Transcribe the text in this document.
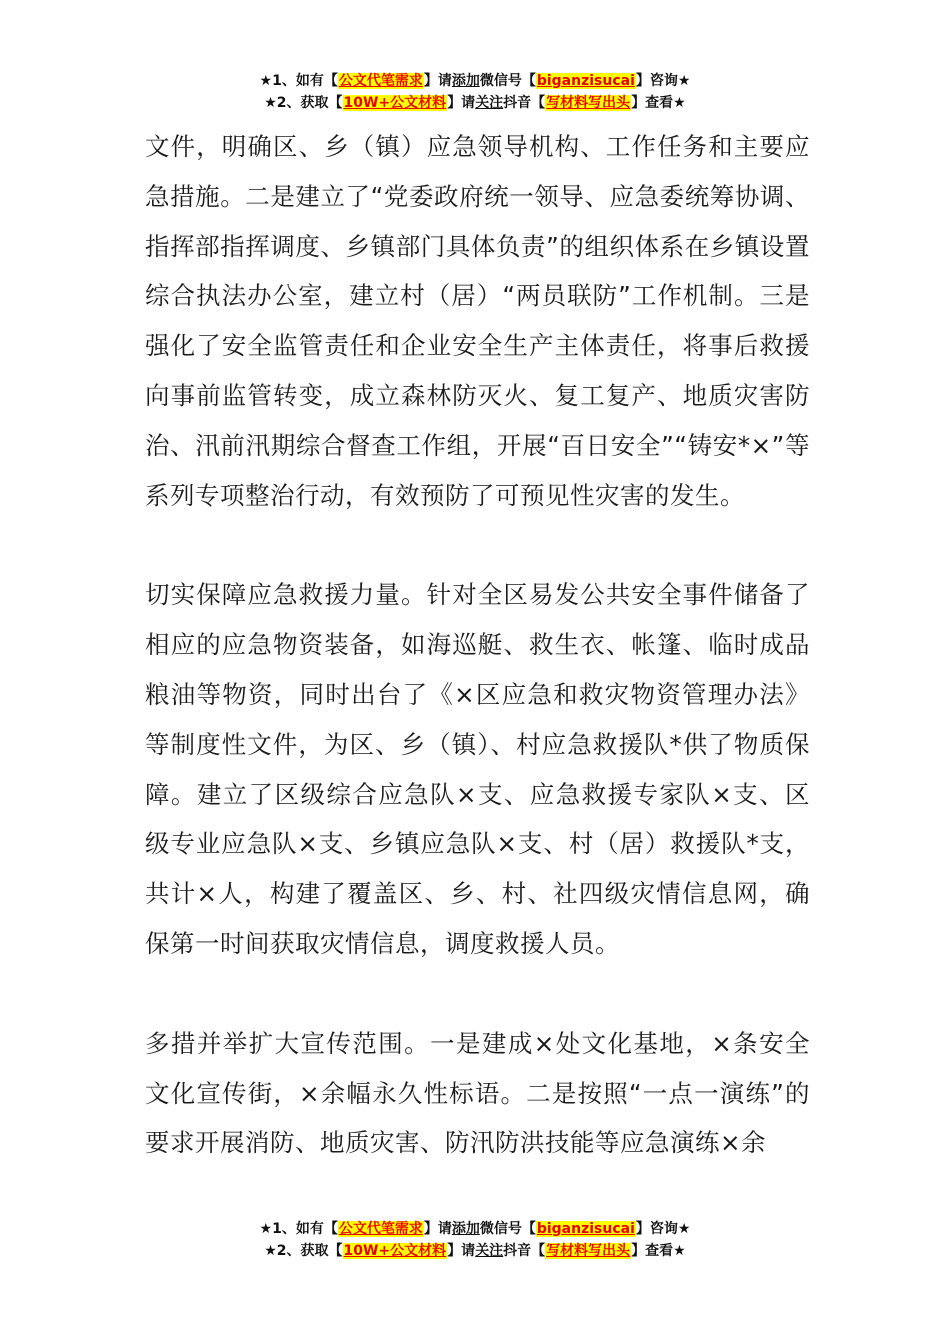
★1、如有【公文代笔需求】请添加微信号【biganzisucai】咨询★
★2、获取【10W+公文材料】请关注抖音【写材料写出头】查看★

文件，明确区、乡（镇）应急领导机构、工作任务和主要应急措施。二是建立了“党委政府统一领导、应急委统筹协调、指挥部指挥调度、乡镇部门具体负责”的组织体系在乡镇设置综合执法办公室，建立村（居）“两员联防”工作机制。三是强化了安全监管责任和企业安全生产主体责任，将事后救援向事前监管转变，成立森林防灭火、复工复产、地质灾害防治、汛前汛期综合督查工作组，开展“百日安全”“铸安*×”等系列专项整治行动，有效预防了可预见性灾害的发生。

切实保障应急救援力量。针对全区易发公共安全事件储备了相应的应急物资装备，如海巡艇、救生衣、帐篷、临时成品粮油等物资，同时出台了《×区应急和救灾物资管理办法》等制度性文件，为区、乡（镇）、村应急救援队*供了物质保障。建立了区级综合应急队×支、应急救援专家队×支、区级专业应急队×支、乡镇应急队×支、村（居）救援队*支，共计×人，构建了覆盖区、乡、村、社四级灾情信息网，确保第一时间获取灾情信息，调度救援人员。

多措并举扩大宣传范围。一是建成×处文化基地，×条安全文化宣传街，×余幅永久性标语。二是按照“一点一演练”的要求开展消防、地质灾害、防汛防洪技能等应急演练×余

★1、如有【公文代笔需求】请添加微信号【biganzisucai】咨询★
★2、获取【10W+公文材料】请关注抖音【写材料写出头】查看★
